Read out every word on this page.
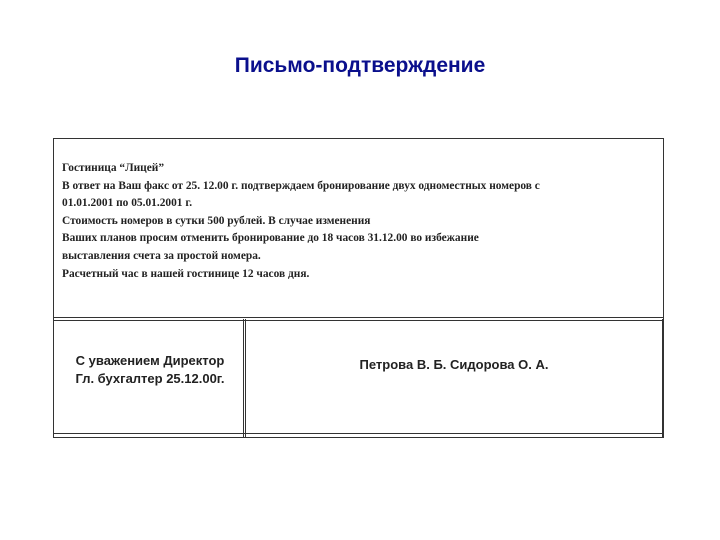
Письмо-подтверждение
Гостиница “Лицей”
В ответ на Ваш факс от 25. 12.00 г. подтверждаем бронирование двух одноместных номеров с
01.01.2001 по 05.01.2001 г.
Стоимость номеров в сутки 500 рублей. В случае изменения
Ваших планов просим отменить бронирование до 18 часов 31.12.00 во избежание
выставления счета за простой номера.
Расчетный час в нашей гостинице 12 часов дня.
С уважением Директор
Гл. бухгалтер 25.12.00г.
Петрова В. Б. Сидорова О. А.
